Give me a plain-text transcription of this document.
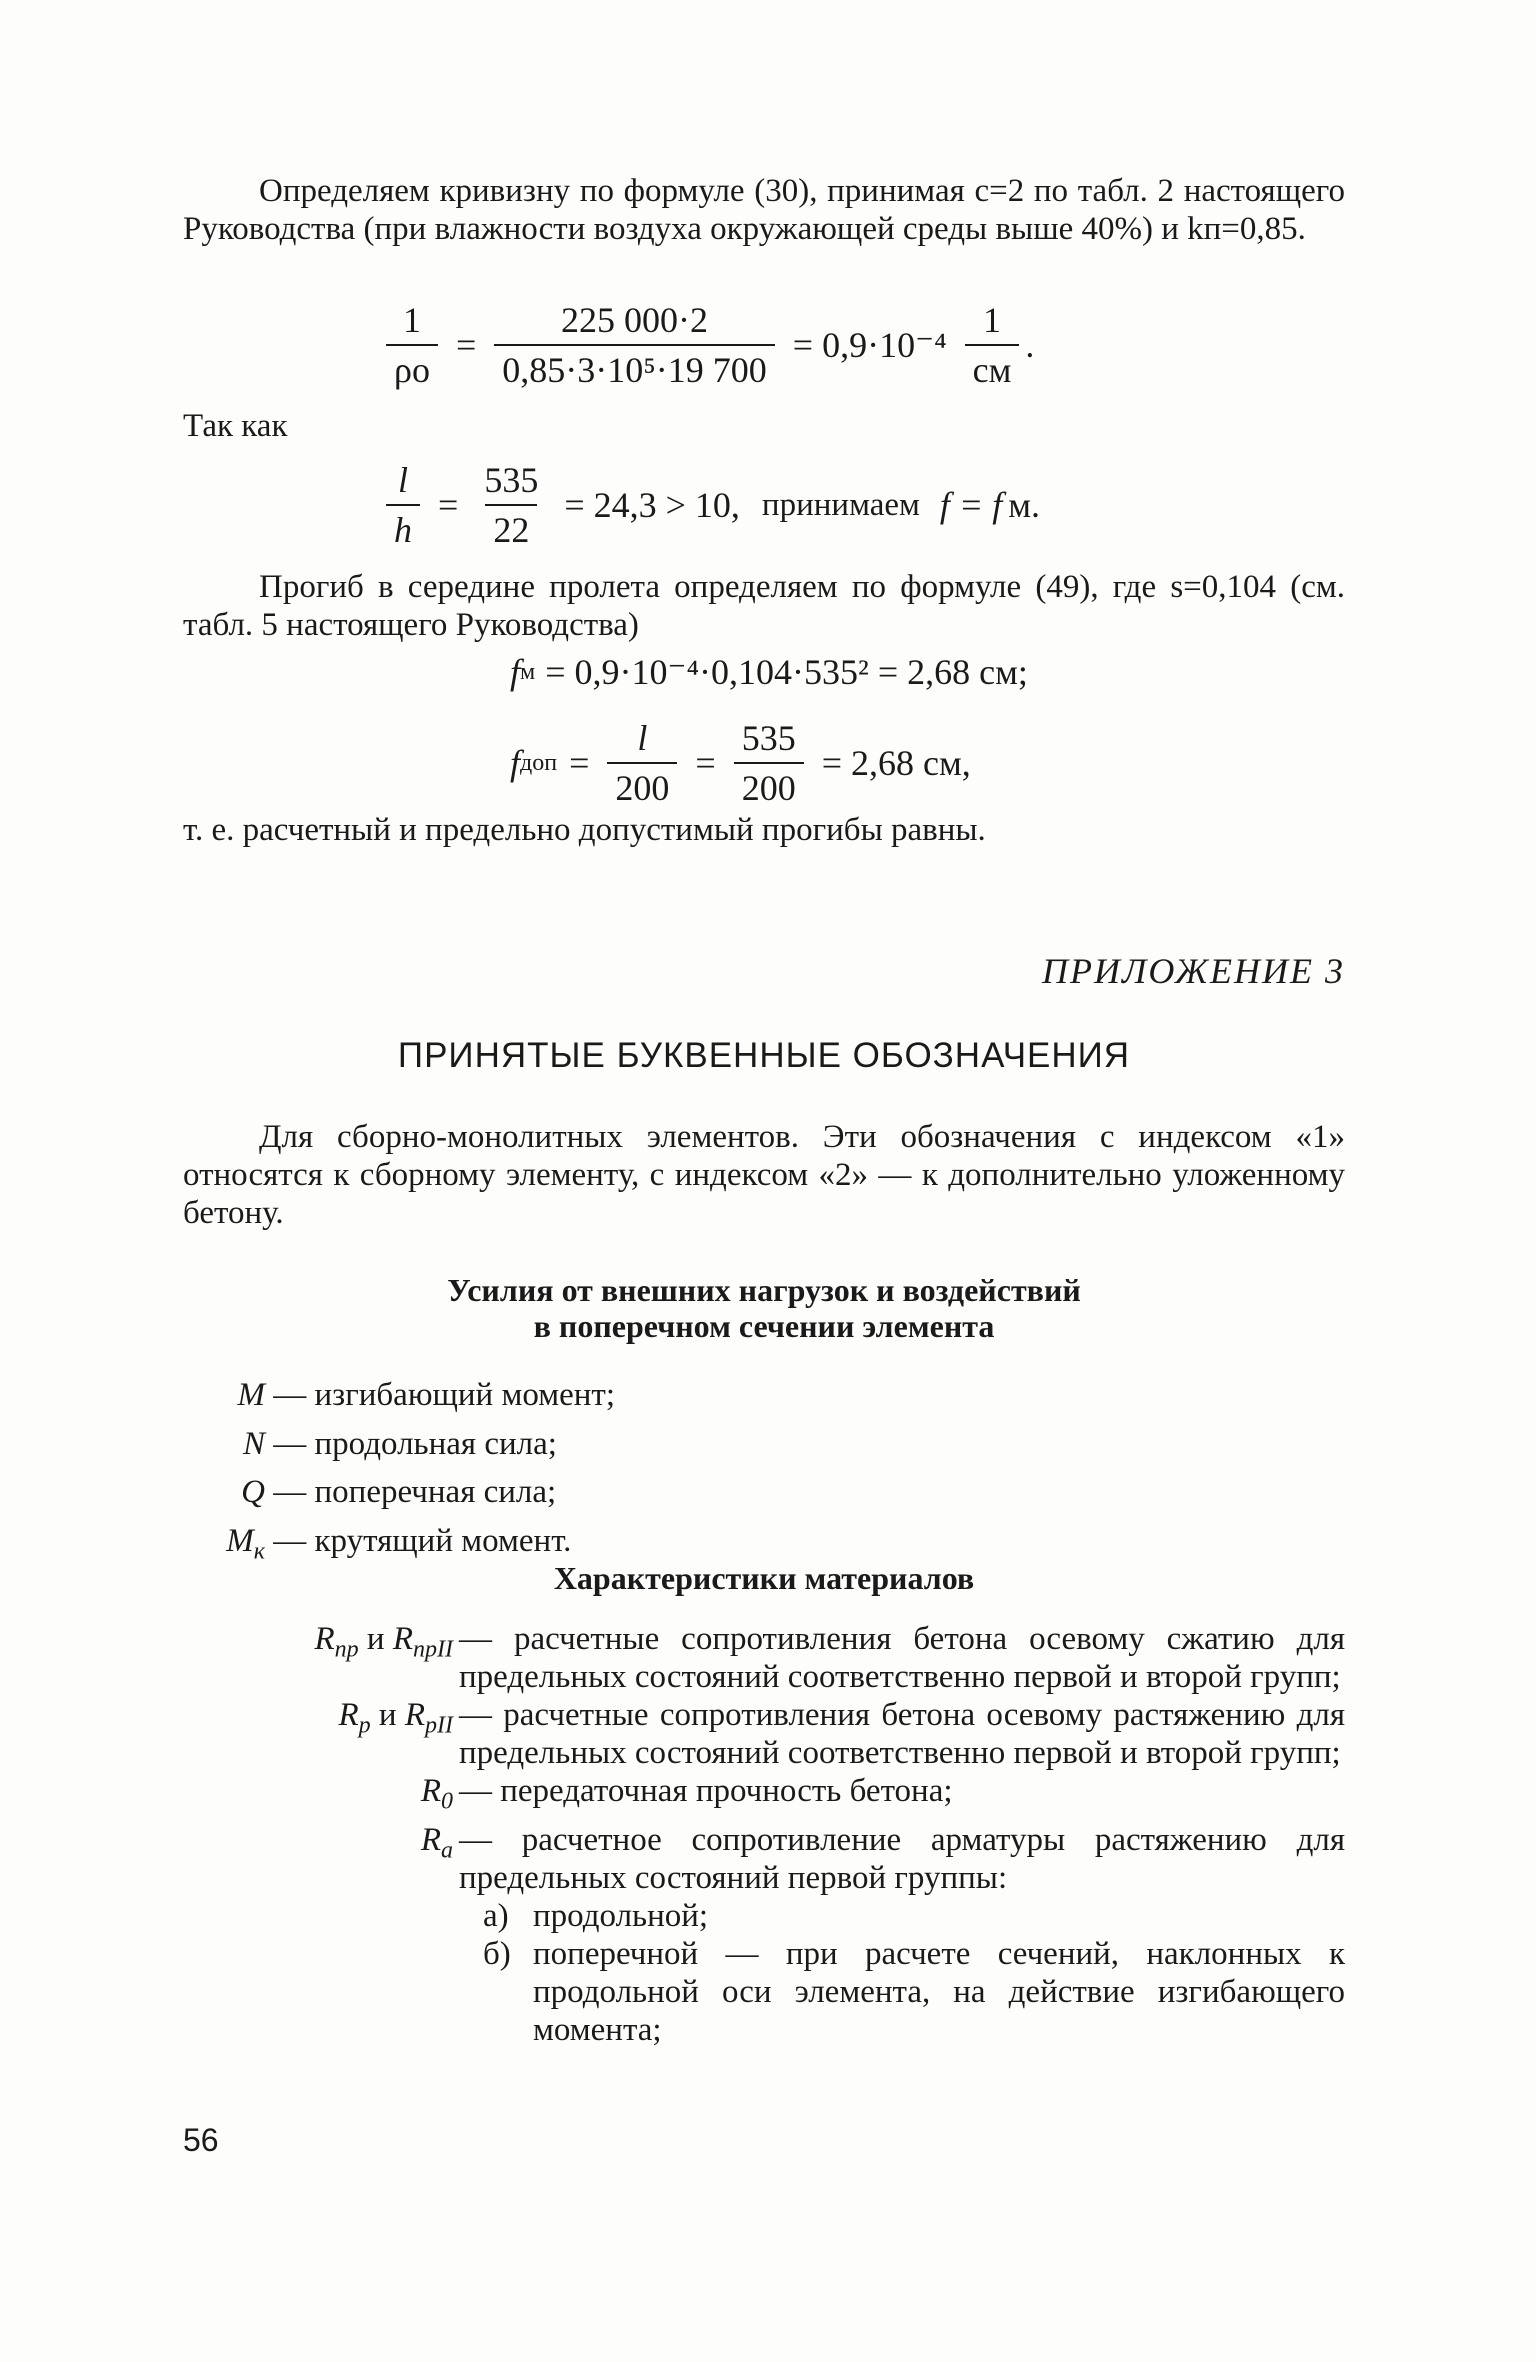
Определяем кривизну по формуле (30), принимая c=2 по табл. 2 настоящего Руководства (при влажности воздуха окружающей среды выше 40%) и kп=0,85.

$\frac{1}{\rho o} = \frac{225 000\cdot 2}{\text{0,85·3·10⁵·19 700}} = 0,9\cdot 10^{-4} \frac{1}{см}$ .
Так как
$\frac{l}{h} = \frac{535}{22} = 24,3 > 10$, принимаем f = f м.

Прогиб в середине пролета определяем по формуле (49), где s=0,104 (см. табл. 5 настоящего Руководства)

f м = 0,9·10⁻⁴·0,104·535² = 2,68 см;
f доп = $\frac{l}{200} = \frac{535}{200} = 2,68$ см,
т. е. расчетный и предельно допустимый прогибы равны.
ПРИЛОЖЕНИЕ 3
ПРИНЯТЫЕ БУКВЕННЫЕ ОБОЗНАЧЕНИЯ

Для сборно-монолитных элементов. Эти обозначения с индексом «1» относятся к сборному элементу, с индексом «2» — к дополнительно уложенному бетону.

Усилия от внешних нагрузок и воздействий
в поперечном сечении элемента
M — изгибающий момент;
N — продольная сила;
Q — поперечная сила;
$M_к$ — крутящий момент.
Характеристики материалов
$R_{пр}$ и $R_{прII}$ — расчетные сопротивления бетона осевому сжатию для предельных состояний соответственно первой и второй групп;
$R_р$ и $R_{рII}$ — расчетные сопротивления бетона осевому растяжению для предельных состояний соответственно первой и второй групп;
$R_0$ — передаточная прочность бетона;
$R_а$ — расчетное сопротивление арматуры растяжению для предельных состояний первой группы:
а) продольной;
б) поперечной — при расчете сечений, наклонных к продольной оси элемента, на действие изгибающего момента;
56
